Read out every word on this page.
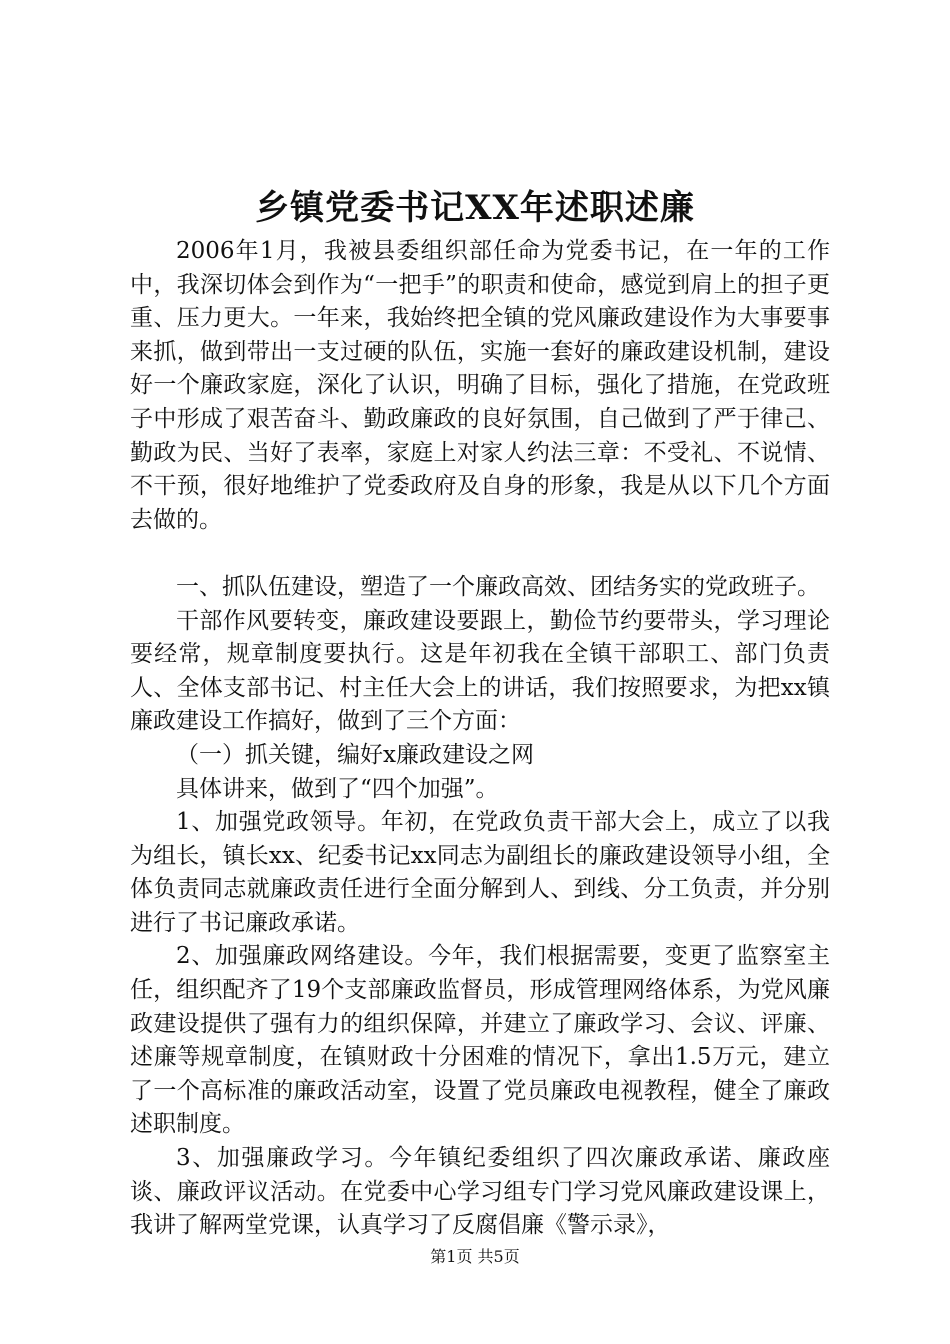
乡镇党委书记XX年述职述廉

2006年1月，我被县委组织部任命为党委书记，在一年的工作中，我深切体会到作为“一把手”的职责和使命，感觉到肩上的担子更重、压力更大。一年来，我始终把全镇的党风廉政建设作为大事要事来抓，做到带出一支过硬的队伍，实施一套好的廉政建设机制，建设好一个廉政家庭，深化了认识，明确了目标，强化了措施，在党政班子中形成了艰苦奋斗、勤政廉政的良好氛围，自己做到了严于律己、勤政为民、当好了表率，家庭上对家人约法三章：不受礼、不说情、不干预，很好地维护了党委政府及自身的形象，我是从以下几个方面去做的。

一、抓队伍建设，塑造了一个廉政高效、团结务实的党政班子。

干部作风要转变，廉政建设要跟上，勤俭节约要带头，学习理论要经常，规章制度要执行。这是年初我在全镇干部职工、部门负责人、全体支部书记、村主任大会上的讲话，我们按照要求，为把xx镇廉政建设工作搞好，做到了三个方面：

（一）抓关键，编好x廉政建设之网

具体讲来，做到了“四个加强”。

1、加强党政领导。年初，在党政负责干部大会上，成立了以我为组长，镇长xx、纪委书记xx同志为副组长的廉政建设领导小组，全体负责同志就廉政责任进行全面分解到人、到线、分工负责，并分别进行了书记廉政承诺。

2、加强廉政网络建设。今年，我们根据需要，变更了监察室主任，组织配齐了19个支部廉政监督员，形成管理网络体系，为党风廉政建设提供了强有力的组织保障，并建立了廉政学习、会议、评廉、述廉等规章制度，在镇财政十分困难的情况下，拿出1.5万元，建立了一个高标准的廉政活动室，设置了党员廉政电视教程，健全了廉政述职制度。

3、加强廉政学习。今年镇纪委组织了四次廉政承诺、廉政座谈、廉政评议活动。在党委中心学习组专门学习党风廉政建设课上，我讲了解两堂党课，认真学习了反腐倡廉《警示录》，

第1页 共5页
